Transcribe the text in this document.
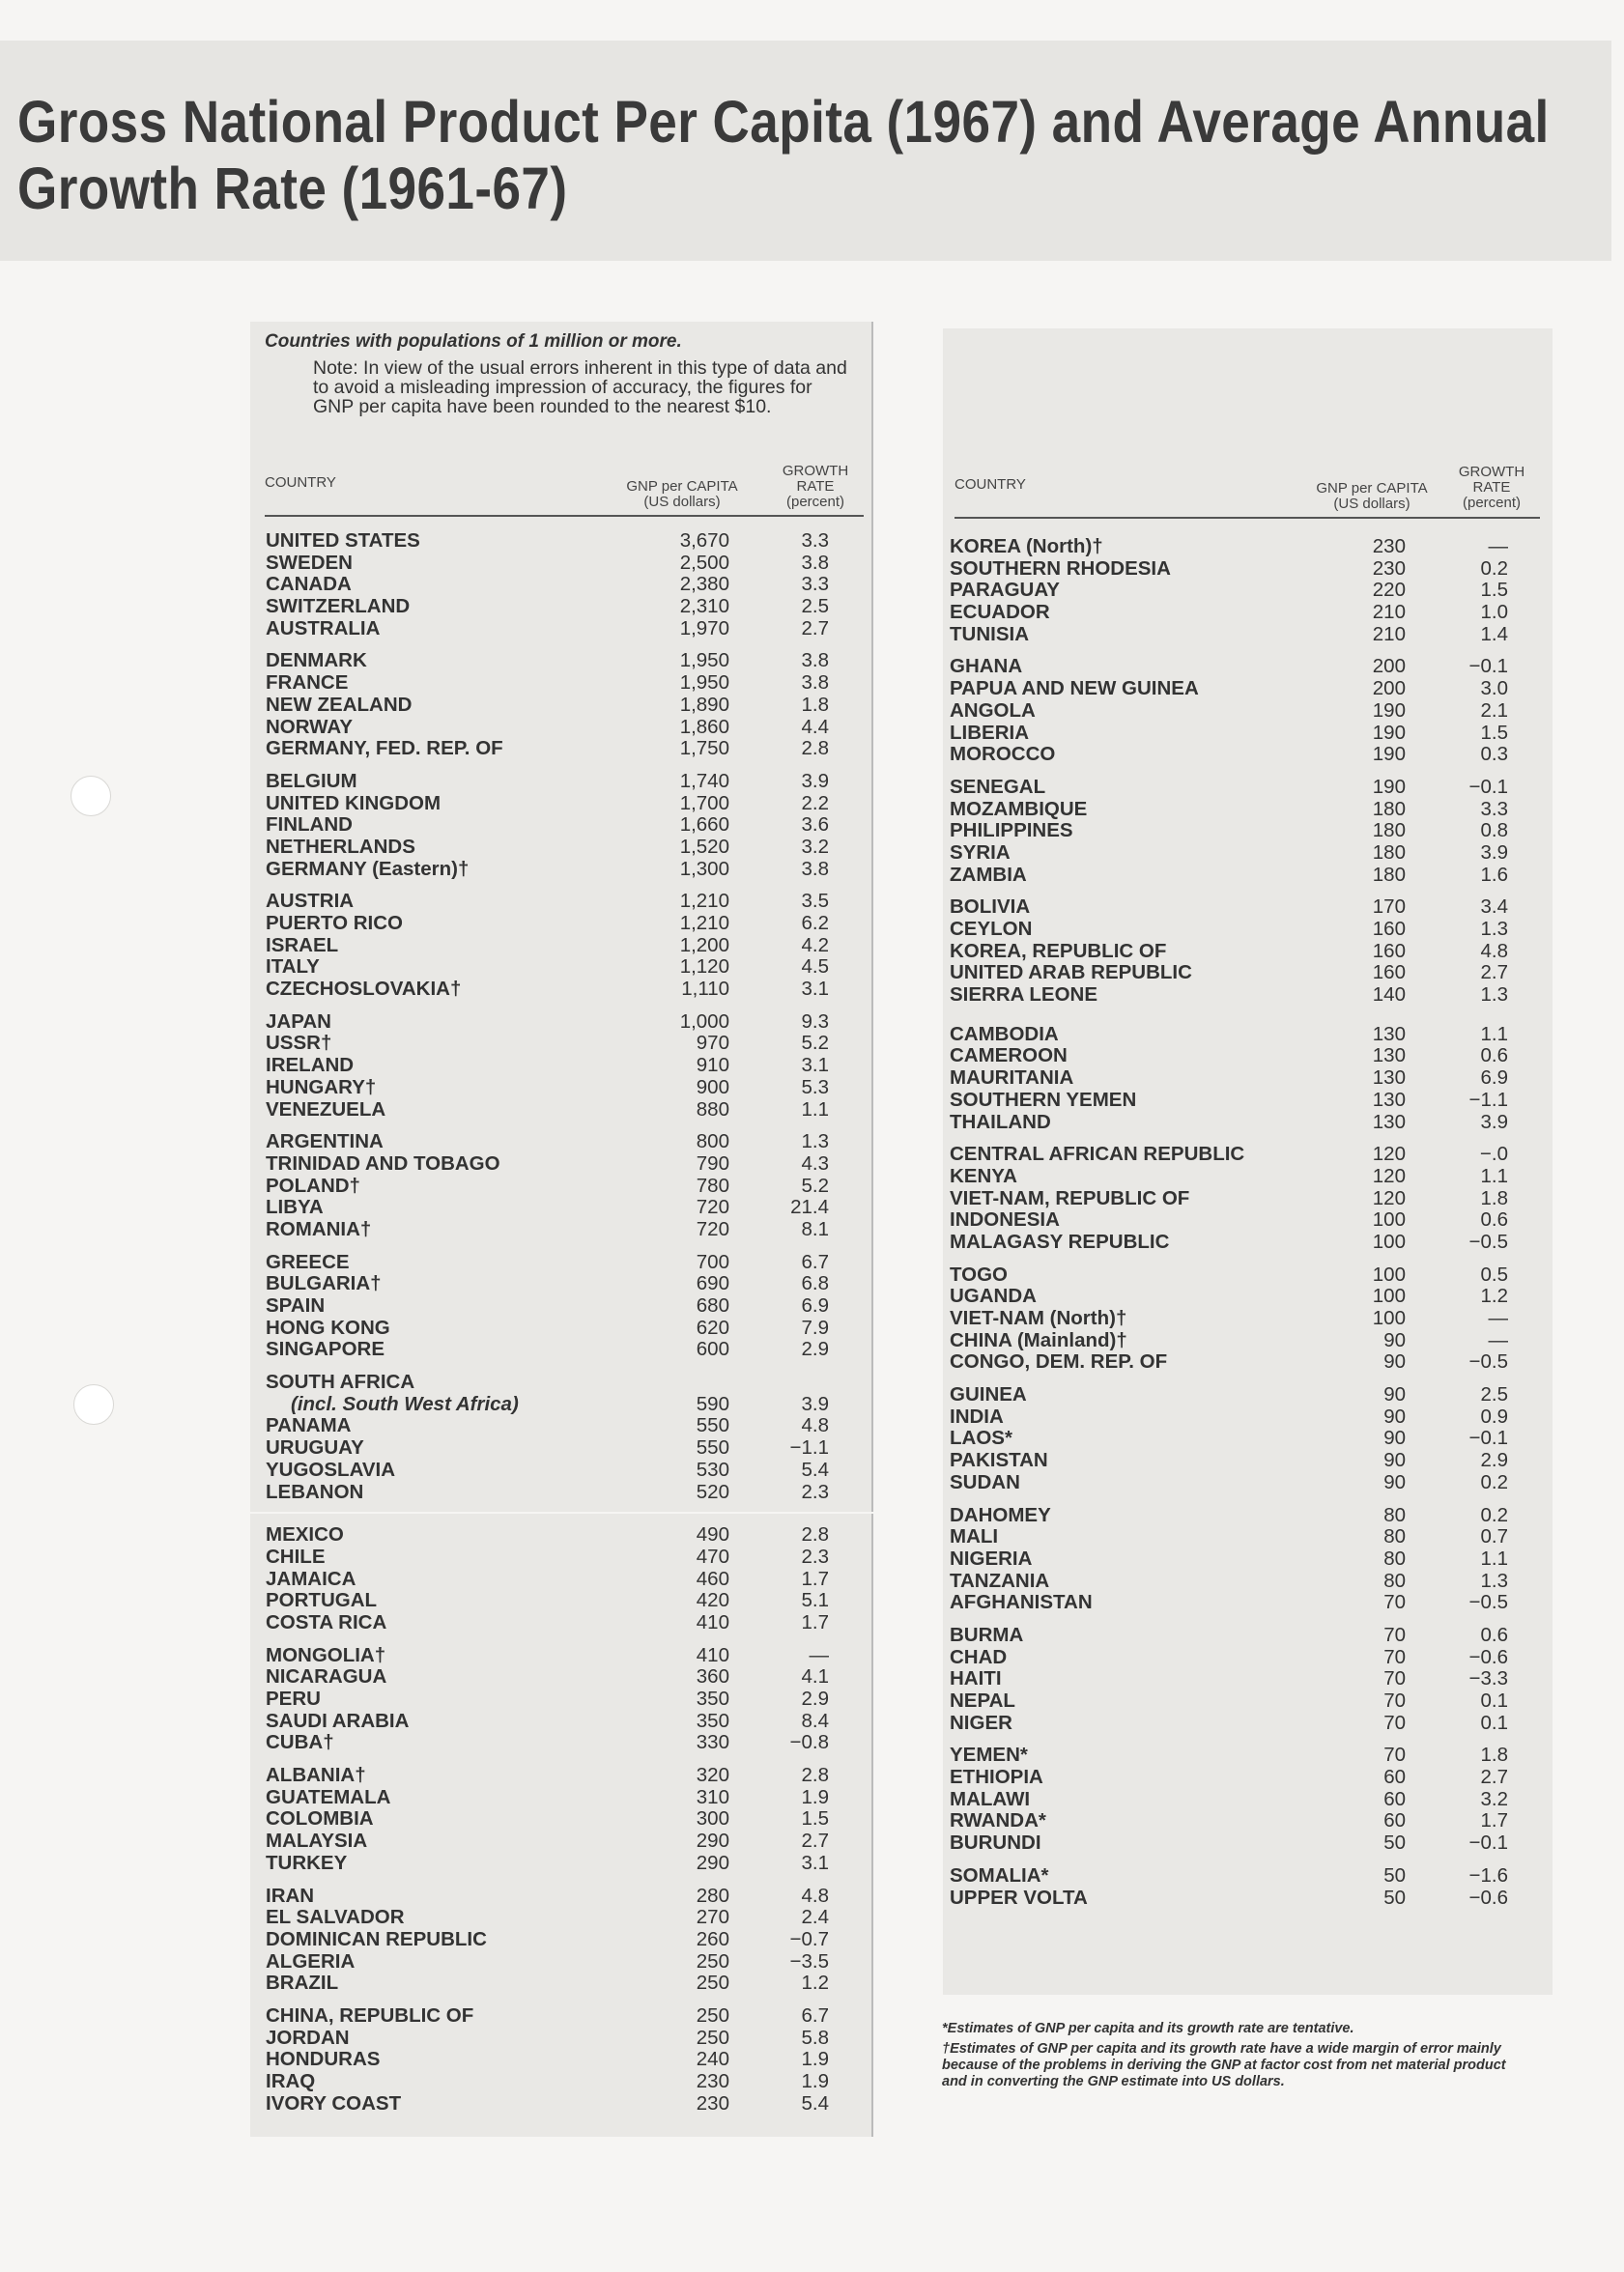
Gross National Product Per Capita (1967) and Average Annual
Growth Rate (1961-67)
Countries with populations of 1 million or more.
Note: In view of the usual errors inherent in this type of data and to avoid a misleading impression of accuracy, the figures for GNP per capita have been rounded to the nearest $10.
COUNTRY	GNP per CAPITA
(US dollars)
GROWTH
RATE
(percent)
COUNTRY	GNP per CAPITA
(US dollars)
GROWTH
RATE
(percent)
UNITED STATES	3,670	3.3
SWEDEN	2,500	3.8
CANADA	2,380	3.3
SWITZERLAND	2,310	2.5
AUSTRALIA	1,970	2.7
DENMARK	1,950	3.8
FRANCE	1,950	3.8
NEW ZEALAND	1,890	1.8
NORWAY	1,860	4.4
GERMANY, FED. REP. OF	1,750	2.8
BELGIUM	1,740	3.9
UNITED KINGDOM	1,700	2.2
FINLAND	1,660	3.6
NETHERLANDS	1,520	3.2
GERMANY (Eastern)†	1,300	3.8
AUSTRIA	1,210	3.5
PUERTO RICO	1,210	6.2
ISRAEL	1,200	4.2
ITALY	1,120	4.5
CZECHOSLOVAKIA†	1,110	3.1
JAPAN	1,000	9.3
USSR†	970	5.2
IRELAND	910	3.1
HUNGARY†	900	5.3
VENEZUELA	880	1.1
ARGENTINA	800	1.3
TRINIDAD AND TOBAGO	790	4.3
POLAND†	780	5.2
LIBYA	720	21.4
ROMANIA†	720	8.1
GREECE	700	6.7
BULGARIA†	690	6.8
SPAIN	680	6.9
HONG KONG	620	7.9
SINGAPORE	600	2.9
SOUTH AFRICA
(incl. South West Africa)	590	3.9
PANAMA	550	4.8
URUGUAY	550	−1.1
YUGOSLAVIA	530	5.4
LEBANON	520	2.3
MEXICO	490	2.8
CHILE	470	2.3
JAMAICA	460	1.7
PORTUGAL	420	5.1
COSTA RICA	410	1.7
MONGOLIA†	410	—
NICARAGUA	360	4.1
PERU	350	2.9
SAUDI ARABIA	350	8.4
CUBA†	330	−0.8
ALBANIA†	320	2.8
GUATEMALA	310	1.9
COLOMBIA	300	1.5
MALAYSIA	290	2.7
TURKEY	290	3.1
IRAN	280	4.8
EL SALVADOR	270	2.4
DOMINICAN REPUBLIC	260	−0.7
ALGERIA	250	−3.5
BRAZIL	250	1.2
CHINA, REPUBLIC OF	250	6.7
JORDAN	250	5.8
HONDURAS	240	1.9
IRAQ	230	1.9
IVORY COAST	230	5.4
KOREA (North)†	230	—
SOUTHERN RHODESIA	230	0.2
PARAGUAY	220	1.5
ECUADOR	210	1.0
TUNISIA	210	1.4
GHANA	200	−0.1
PAPUA AND NEW GUINEA	200	3.0
ANGOLA	190	2.1
LIBERIA	190	1.5
MOROCCO	190	0.3
SENEGAL	190	−0.1
MOZAMBIQUE	180	3.3
PHILIPPINES	180	0.8
SYRIA	180	3.9
ZAMBIA	180	1.6
BOLIVIA	170	3.4
CEYLON	160	1.3
KOREA, REPUBLIC OF	160	4.8
UNITED ARAB REPUBLIC	160	2.7
SIERRA LEONE	140	1.3
CAMBODIA	130	1.1
CAMEROON	130	0.6
MAURITANIA	130	6.9
SOUTHERN YEMEN	130	−1.1
THAILAND	130	3.9
CENTRAL AFRICAN REPUBLIC	120	−.0
KENYA	120	1.1
VIET-NAM, REPUBLIC OF	120	1.8
INDONESIA	100	0.6
MALAGASY REPUBLIC	100	−0.5
TOGO	100	0.5
UGANDA	100	1.2
VIET-NAM (North)†	100	—
CHINA (Mainland)†	90	—
CONGO, DEM. REP. OF	90	−0.5
GUINEA	90	2.5
INDIA	90	0.9
LAOS*	90	−0.1
PAKISTAN	90	2.9
SUDAN	90	0.2
DAHOMEY	80	0.2
MALI	80	0.7
NIGERIA	80	1.1
TANZANIA	80	1.3
AFGHANISTAN	70	−0.5
BURMA	70	0.6
CHAD	70	−0.6
HAITI	70	−3.3
NEPAL	70	0.1
NIGER	70	0.1
YEMEN*	70	1.8
ETHIOPIA	60	2.7
MALAWI	60	3.2
RWANDA*	60	1.7
BURUNDI	50	−0.1
SOMALIA*	50	−1.6
UPPER VOLTA	50	−0.6

*Estimates of GNP per capita and its growth rate are tentative.

†Estimates of GNP per capita and its growth rate have a wide margin of error mainly because of the problems in deriving the GNP at factor cost from net material product and in converting the GNP estimate into US dollars.
